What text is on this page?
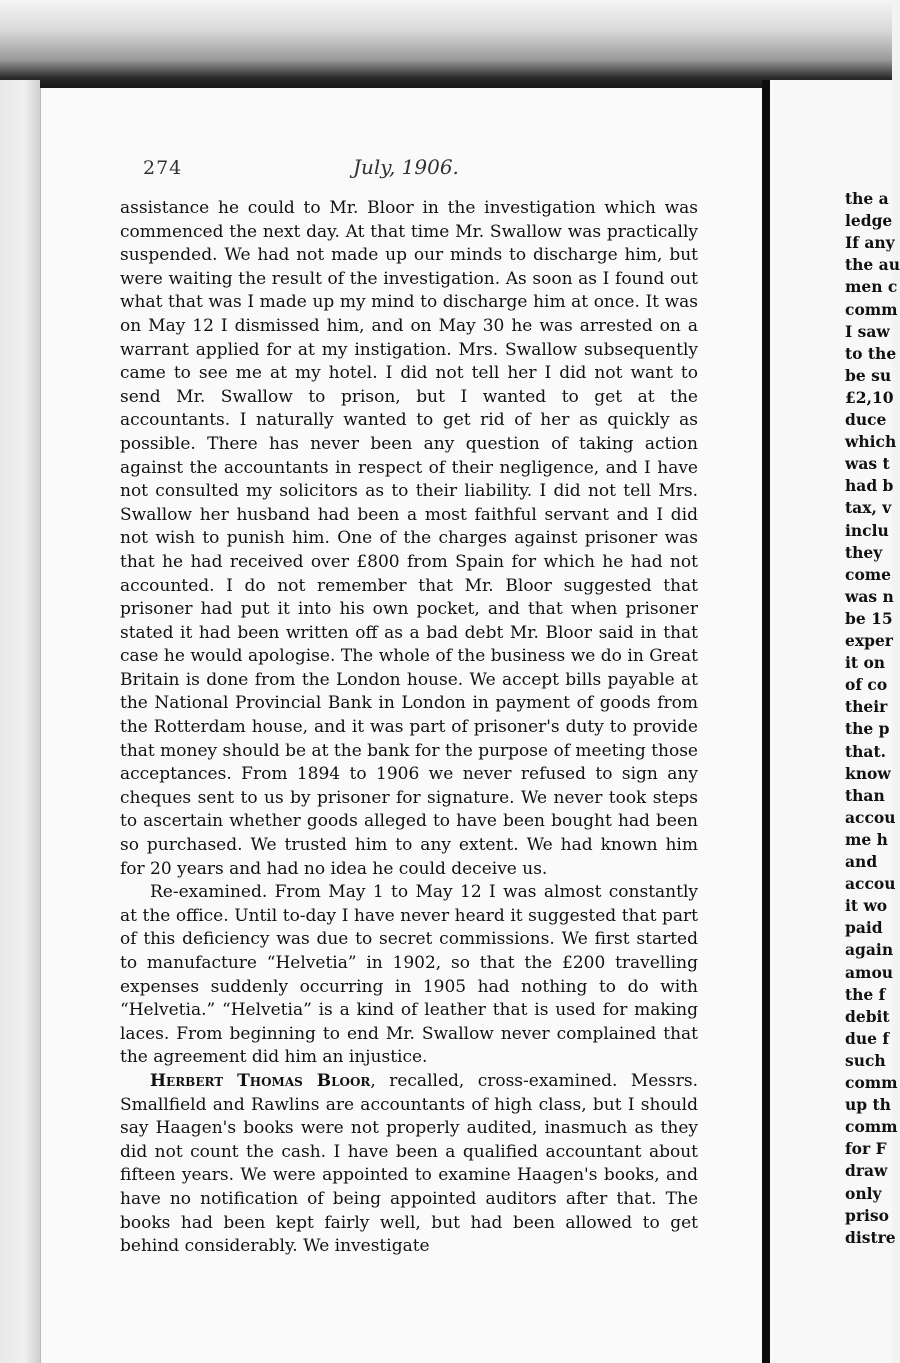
the a
ledge
If any
the au
men c
comm
I saw
to the
be su
£2,10
duce
which
was t
had b
tax, v
inclu
they
come
was n
be 15
exper
it on
of co
their
the p
that.
know
than
accou
me h
and
accou
it wo
paid
again
amou
the f
debit
due f
such
comm
up th
comm
for F
draw
only
priso
distre
274	July, 1906.

assistance he could to Mr. Bloor in the investigation which was commenced the next day. At that time Mr. Swallow was practically suspended. We had not made up our minds to discharge him, but were waiting the result of the investigation. As soon as I found out what that was I made up my mind to discharge him at once. It was on May 12 I dismissed him, and on May 30 he was arrested on a warrant applied for at my instigation. Mrs. Swallow subsequently came to see me at my hotel. I did not tell her I did not want to send Mr. Swallow to prison, but I wanted to get at the accountants. I naturally wanted to get rid of her as quickly as possible. There has never been any question of taking action against the accountants in respect of their negligence, and I have not consulted my solicitors as to their liability. I did not tell Mrs. Swallow her husband had been a most faithful servant and I did not wish to punish him. One of the charges against prisoner was that he had received over £800 from Spain for which he had not accounted. I do not remember that Mr. Bloor suggested that prisoner had put it into his own pocket, and that when prisoner stated it had been written off as a bad debt Mr. Bloor said in that case he would apologise. The whole of the business we do in Great Britain is done from the London house. We accept bills payable at the National Provincial Bank in London in payment of goods from the Rotterdam house, and it was part of prisoner's duty to provide that money should be at the bank for the purpose of meeting those acceptances. From 1894 to 1906 we never refused to sign any cheques sent to us by prisoner for signature. We never took steps to ascertain whether goods alleged to have been bought had been so purchased. We trusted him to any extent. We had known him for 20 years and had no idea he could deceive us.

Re-examined. From May 1 to May 12 I was almost constantly at the office. Until to-day I have never heard it suggested that part of this deficiency was due to secret commissions. We first started to manufacture “Helvetia” in 1902, so that the £200 travelling expenses suddenly occurring in 1905 had nothing to do with “Helvetia.” “Helvetia” is a kind of leather that is used for making laces. From beginning to end Mr. Swallow never complained that the agreement did him an injustice.

Herbert Thomas Bloor, recalled, cross-examined. Messrs. Smallfield and Rawlins are accountants of high class, but I should say Haagen's books were not properly audited, inasmuch as they did not count the cash. I have been a qualified accountant about fifteen years. We were appointed to examine Haagen's books, and have no notification of being appointed auditors after that. The books had been kept fairly well, but had been allowed to get behind considerably. We investigate
